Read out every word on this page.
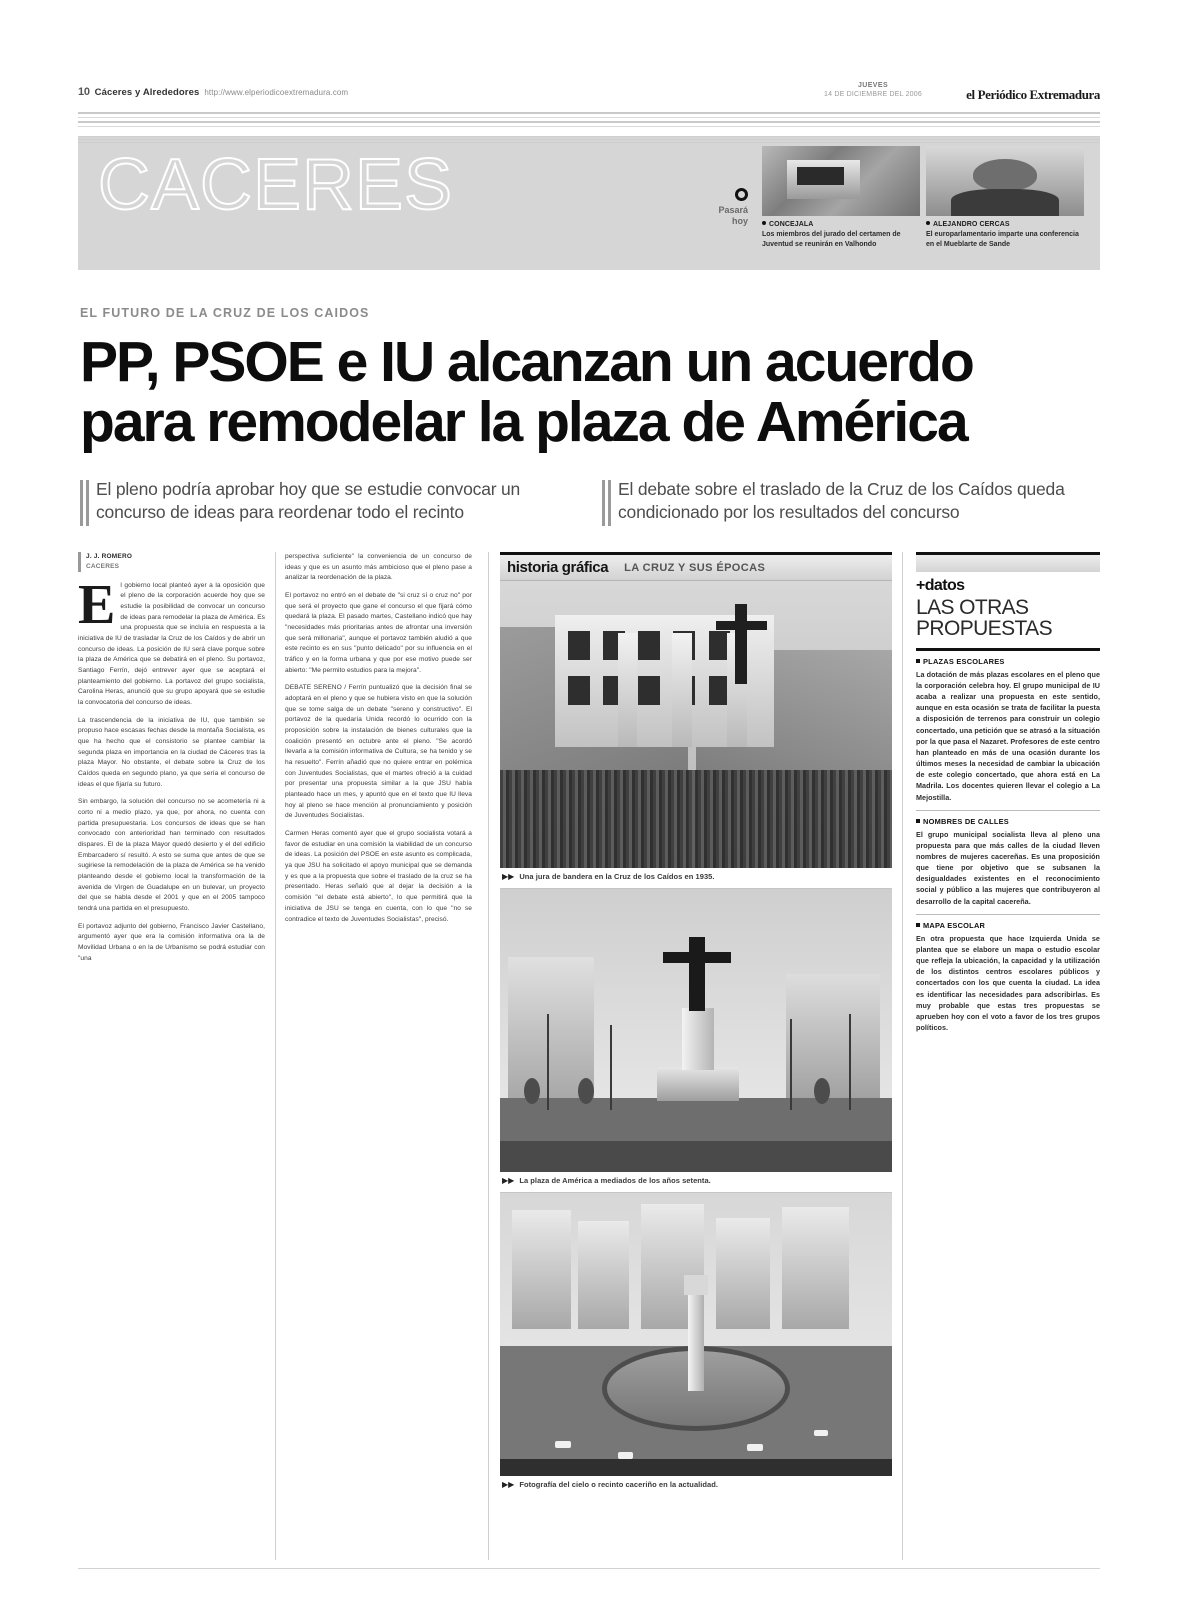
10 Cáceres y Alrededores http://www.elperiodicoextremadura.com
JUEVES
14 DE DICIEMBRE DEL 2006	el Periódico Extremadura
CACERES	Pasará
hoy	CONCEJALA
Los miembros del jurado del certamen de Juventud se reunirán en Valhondo
ALEJANDRO CERCAS
El europarlamentario imparte una conferencia en el Mueblarte de Sande
EL FUTURO DE LA CRUZ DE LOS CAIDOS
PP, PSOE e IU alcanzan un acuerdo
para remodelar la plaza de América

El pleno podría aprobar hoy que se estudie convocar un concurso de ideas para reordenar todo el recinto

El debate sobre el traslado de la Cruz de los Caídos queda condicionado por los resultados del concurso

J. J. ROMERO
CACERES

El gobierno local planteó ayer a la oposición que el pleno de la corporación acuerde hoy que se estudie la posibilidad de convocar un concurso de ideas para remodelar la plaza de América. Es una propuesta que se incluía en respuesta a la iniciativa de IU de trasladar la Cruz de los Caídos y de abrir un concurso de ideas. La posición de IU será clave porque sobre la plaza de América que se debatirá en el pleno. Su portavoz, Santiago Ferrín, dejó entrever ayer que se aceptará el planteamiento del gobierno. La portavoz del grupo socialista, Carolina Heras, anunció que su grupo apoyará que se estudie la convocatoria del concurso de ideas.

La trascendencia de la iniciativa de IU, que también se propuso hace escasas fechas desde la montaña Socialista, es que ha hecho que el consistorio se plantee cambiar la segunda plaza en importancia en la ciudad de Cáceres tras la plaza Mayor. No obstante, el debate sobre la Cruz de los Caídos queda en segundo plano, ya que sería el concurso de ideas el que fijaría su futuro.

Sin embargo, la solución del concurso no se acometería ni a corto ni a medio plazo, ya que, por ahora, no cuenta con partida presupuestaria. Los concursos de ideas que se han convocado con anterioridad han terminado con resultados dispares. El de la plaza Mayor quedó desierto y el del edificio Embarcadero sí resultó. A esto se suma que antes de que se sugiriese la remodelación de la plaza de América se ha venido planteando desde el gobierno local la transformación de la avenida de Virgen de Guadalupe en un bulevar, un proyecto del que se habla desde el 2001 y que en el 2005 tampoco tendrá una partida en el presupuesto.

El portavoz adjunto del gobierno, Francisco Javier Castellano, argumentó ayer que era la comisión informativa ora la de Movilidad Urbana o en la de Urbanismo se podrá estudiar con "una

perspectiva suficiente" la conveniencia de un concurso de ideas y que es un asunto más ambicioso que el pleno pase a analizar la reordenación de la plaza.

El portavoz no entró en el debate de "si cruz sí o cruz no" por que será el proyecto que gane el concurso el que fijará cómo quedará la plaza. El pasado martes, Castellano indicó que hay "necesidades más prioritarias antes de afrontar una inversión que será millonaria", aunque el portavoz también aludió a que este recinto es en sus "punto delicado" por su influencia en el tráfico y en la forma urbana y que por ese motivo puede ser abierto: "Me permito estudios para la mejora".

DEBATE SERENO / Ferrín puntualizó que la decisión final se adoptará en el pleno y que se hubiera visto en que la solución que se tome salga de un debate "sereno y constructivo". El portavoz de la quedaría Unida recordó lo ocurrido con la proposición sobre la instalación de bienes culturales que la coalición presentó en octubre ante el pleno. "Se acordó llevarla a la comisión informativa de Cultura, se ha tenido y se ha resuelto". Ferrín añadió que no quiere entrar en polémica con Juventudes Socialistas, que el martes ofreció a la cuidad por presentar una propuesta similar a la que JSU había planteado hace un mes, y apuntó que en el texto que IU lleva hoy al pleno se hace mención al pronunciamiento y posición de Juventudes Socialistas.

Carmen Heras comentó ayer que el grupo socialista votará a favor de estudiar en una comisión la viabilidad de un concurso de ideas. La posición del PSOE en este asunto es complicada, ya que JSU ha solicitado el apoyo municipal que se demanda y es que a la propuesta que sobre el traslado de la cruz se ha presentado. Heras señaló que al dejar la decisión a la comisión "el debate está abierto", lo que permitirá que la iniciativa de JSU se tenga en cuenta, con lo que "no se contradice el texto de Juventudes Socialistas", precisó.

historia gráfica LA CRUZ Y SUS ÉPOCAS
▶▶ Una jura de bandera en la Cruz de los Caídos en 1935.
▶▶ La plaza de América a mediados de los años setenta.
▶▶ Fotografía del cielo o recinto caceriño en la actualidad.
+datos
LAS OTRAS
PROPUESTAS
PLAZAS ESCOLARES
La dotación de más plazas escolares en el pleno que la corporación celebra hoy. El grupo municipal de IU acaba a realizar una propuesta en este sentido, aunque en esta ocasión se trata de facilitar la puesta a disposición de terrenos para construir un colegio concertado, una petición que se atrasó a la situación por la que pasa el Nazaret. Profesores de este centro han planteado en más de una ocasión durante los últimos meses la necesidad de cambiar la ubicación de este colegio concertado, que ahora está en La Madrila. Los docentes quieren llevar el colegio a La Mejostilla.
NOMBRES DE CALLES
El grupo municipal socialista lleva al pleno una propuesta para que más calles de la ciudad lleven nombres de mujeres cacereñas. Es una proposición que tiene por objetivo que se subsanen la desigualdades existentes en el reconocimiento social y público a las mujeres que contribuyeron al desarrollo de la capital cacereña.
MAPA ESCOLAR
En otra propuesta que hace Izquierda Unida se plantea que se elabore un mapa o estudio escolar que refleja la ubicación, la capacidad y la utilización de los distintos centros escolares públicos y concertados con los que cuenta la ciudad. La idea es identificar las necesidades para adscribirlas. Es muy probable que estas tres propuestas se aprueben hoy con el voto a favor de los tres grupos políticos.
